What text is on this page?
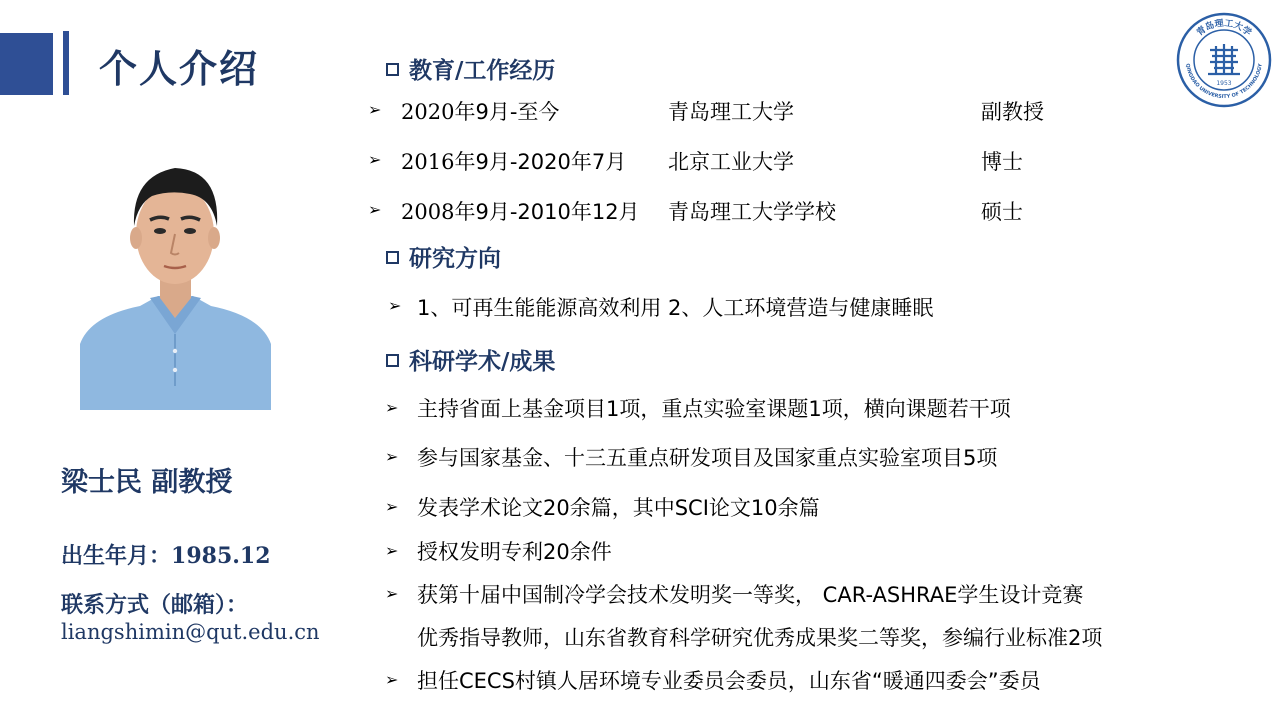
个人介绍
青岛理工大学
QINGDAO UNIVERSITY OF TECHNOLOGY
1953
梁士民 副教授
出生年月：1985.12
联系方式（邮箱）：
liangshimin@qut.edu.cn
教育/工作经历
➢ 2020年9月-至今	青岛理工大学	副教授
➢ 2016年9月-2020年7月 北京工业大学	博士
➢ 2008年9月-2010年12月 青岛理工大学学校	硕士
研究方向
➢ 1、可再生能能源高效利用 2、人工环境营造与健康睡眠
科研学术/成果
➢ 主持省面上基金项目1项，重点实验室课题1项，横向课题若干项
➢ 参与国家基金、十三五重点研发项目及国家重点实验室项目5项
➢ 发表学术论文20余篇，其中SCI论文10余篇
➢ 授权发明专利20余件
➢ 获第十届中国制冷学会技术发明奖一等奖， CAR-ASHRAE学生设计竞赛
优秀指导教师，山东省教育科学研究优秀成果奖二等奖，参编行业标准2项
➢ 担任CECS村镇人居环境专业委员会委员，山东省“暖通四委会”委员
